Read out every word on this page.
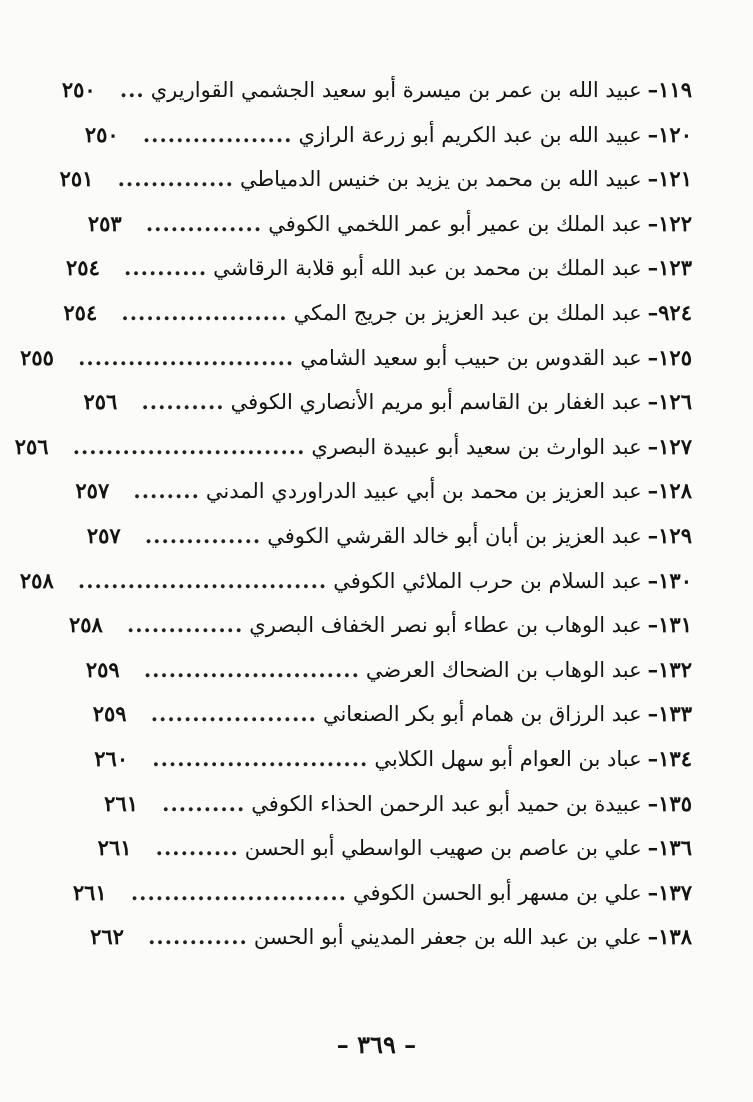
١١٩–
عبيد الله بن عمر بن ميسرة أبو سعيد الجشمي القواريري
...
٢٥٠
١٢٠–
عبيد الله بن عبد الكريم أبو زرعة الرازي
..................
٢٥٠
١٢١–
عبيد الله بن محمد بن يزيد بن خنيس الدمياطي
..............
٢٥١
١٢٢–
عبد الملك بن عمير أبو عمر اللخمي الكوفي
..............
٢٥٣
١٢٣–
عبد الملك بن محمد بن عبد الله أبو قلابة الرقاشي
..........
٢٥٤
٩٢٤–
عبد الملك بن عبد العزيز بن جريج المكي
....................
٢٥٤
١٢٥–
عبد القدوس بن حبيب أبو سعيد الشامي
..........................
٢٥٥
١٢٦–
عبد الغفار بن القاسم أبو مريم الأنصاري الكوفي
..........
٢٥٦
١٢٧–
عبد الوارث بن سعيد أبو عبيدة البصري
............................
٢٥٦
١٢٨–
عبد العزيز بن محمد بن أبي عبيد الدراوردي المدني
........
٢٥٧
١٢٩–
عبد العزيز بن أبان أبو خالد القرشي الكوفي
..............
٢٥٧
١٣٠–
عبد السلام بن حرب الملائي الكوفي
..............................
٢٥٨
١٣١–
عبد الوهاب بن عطاء أبو نصر الخفاف البصري
..............
٢٥٨
١٣٢–
عبد الوهاب بن الضحاك العرضي
..........................
٢٥٩
١٣٣–
عبد الرزاق بن همام أبو بكر الصنعاني
....................
٢٥٩
١٣٤–
عباد بن العوام أبو سهل الكلابي
..........................
٢٦٠
١٣٥–
عبيدة بن حميد أبو عبد الرحمن الحذاء الكوفي
..........
٢٦١
١٣٦–
علي بن عاصم بن صهيب الواسطي أبو الحسن
..........
٢٦١
١٣٧–
علي بن مسهر أبو الحسن الكوفي
..........................
٢٦١
١٣٨–
علي بن عبد الله بن جعفر المديني أبو الحسن
............
٢٦٢
– ٣٦٩ –
